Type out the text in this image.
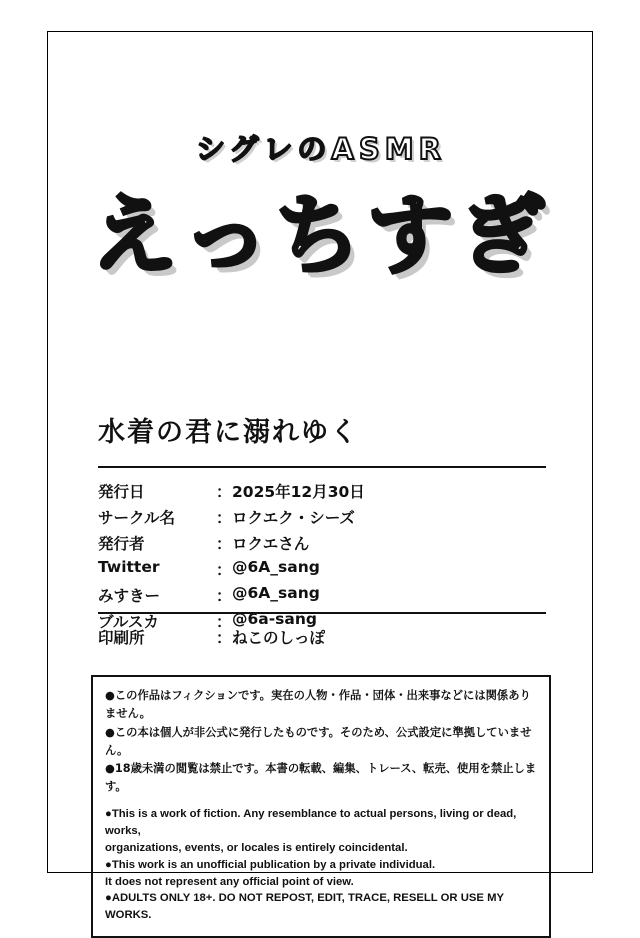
シグレのASMR
えっちすぎ
水着の君に溺れゆく
発行日	：	2025年12月30日
サークル名	：	ロクエク・シーズ
発行者	：	ロクエさん
Twitter	：	@6A_sang
みすきー	：	@6A_sang
ブルスカ	：	@6a-sang
印刷所	：	ねこのしっぽ

●この作品はフィクションです。実在の人物・作品・団体・出来事などには関係ありません。

●この本は個人が非公式に発行したものです。そのため、公式設定に準拠していません。

●18歳未満の閲覧は禁止です。本書の転載、編集、トレース、転売、使用を禁止します。

●This is a work of fiction. Any resemblance to actual persons, living or dead, works,

organizations, events, or locales is entirely coincidental.

●This work is an unofficial publication by a private individual.

It does not represent any official point of view.

●ADULTS ONLY 18+. DO NOT REPOST, EDIT, TRACE, RESELL OR USE MY WORKS.
